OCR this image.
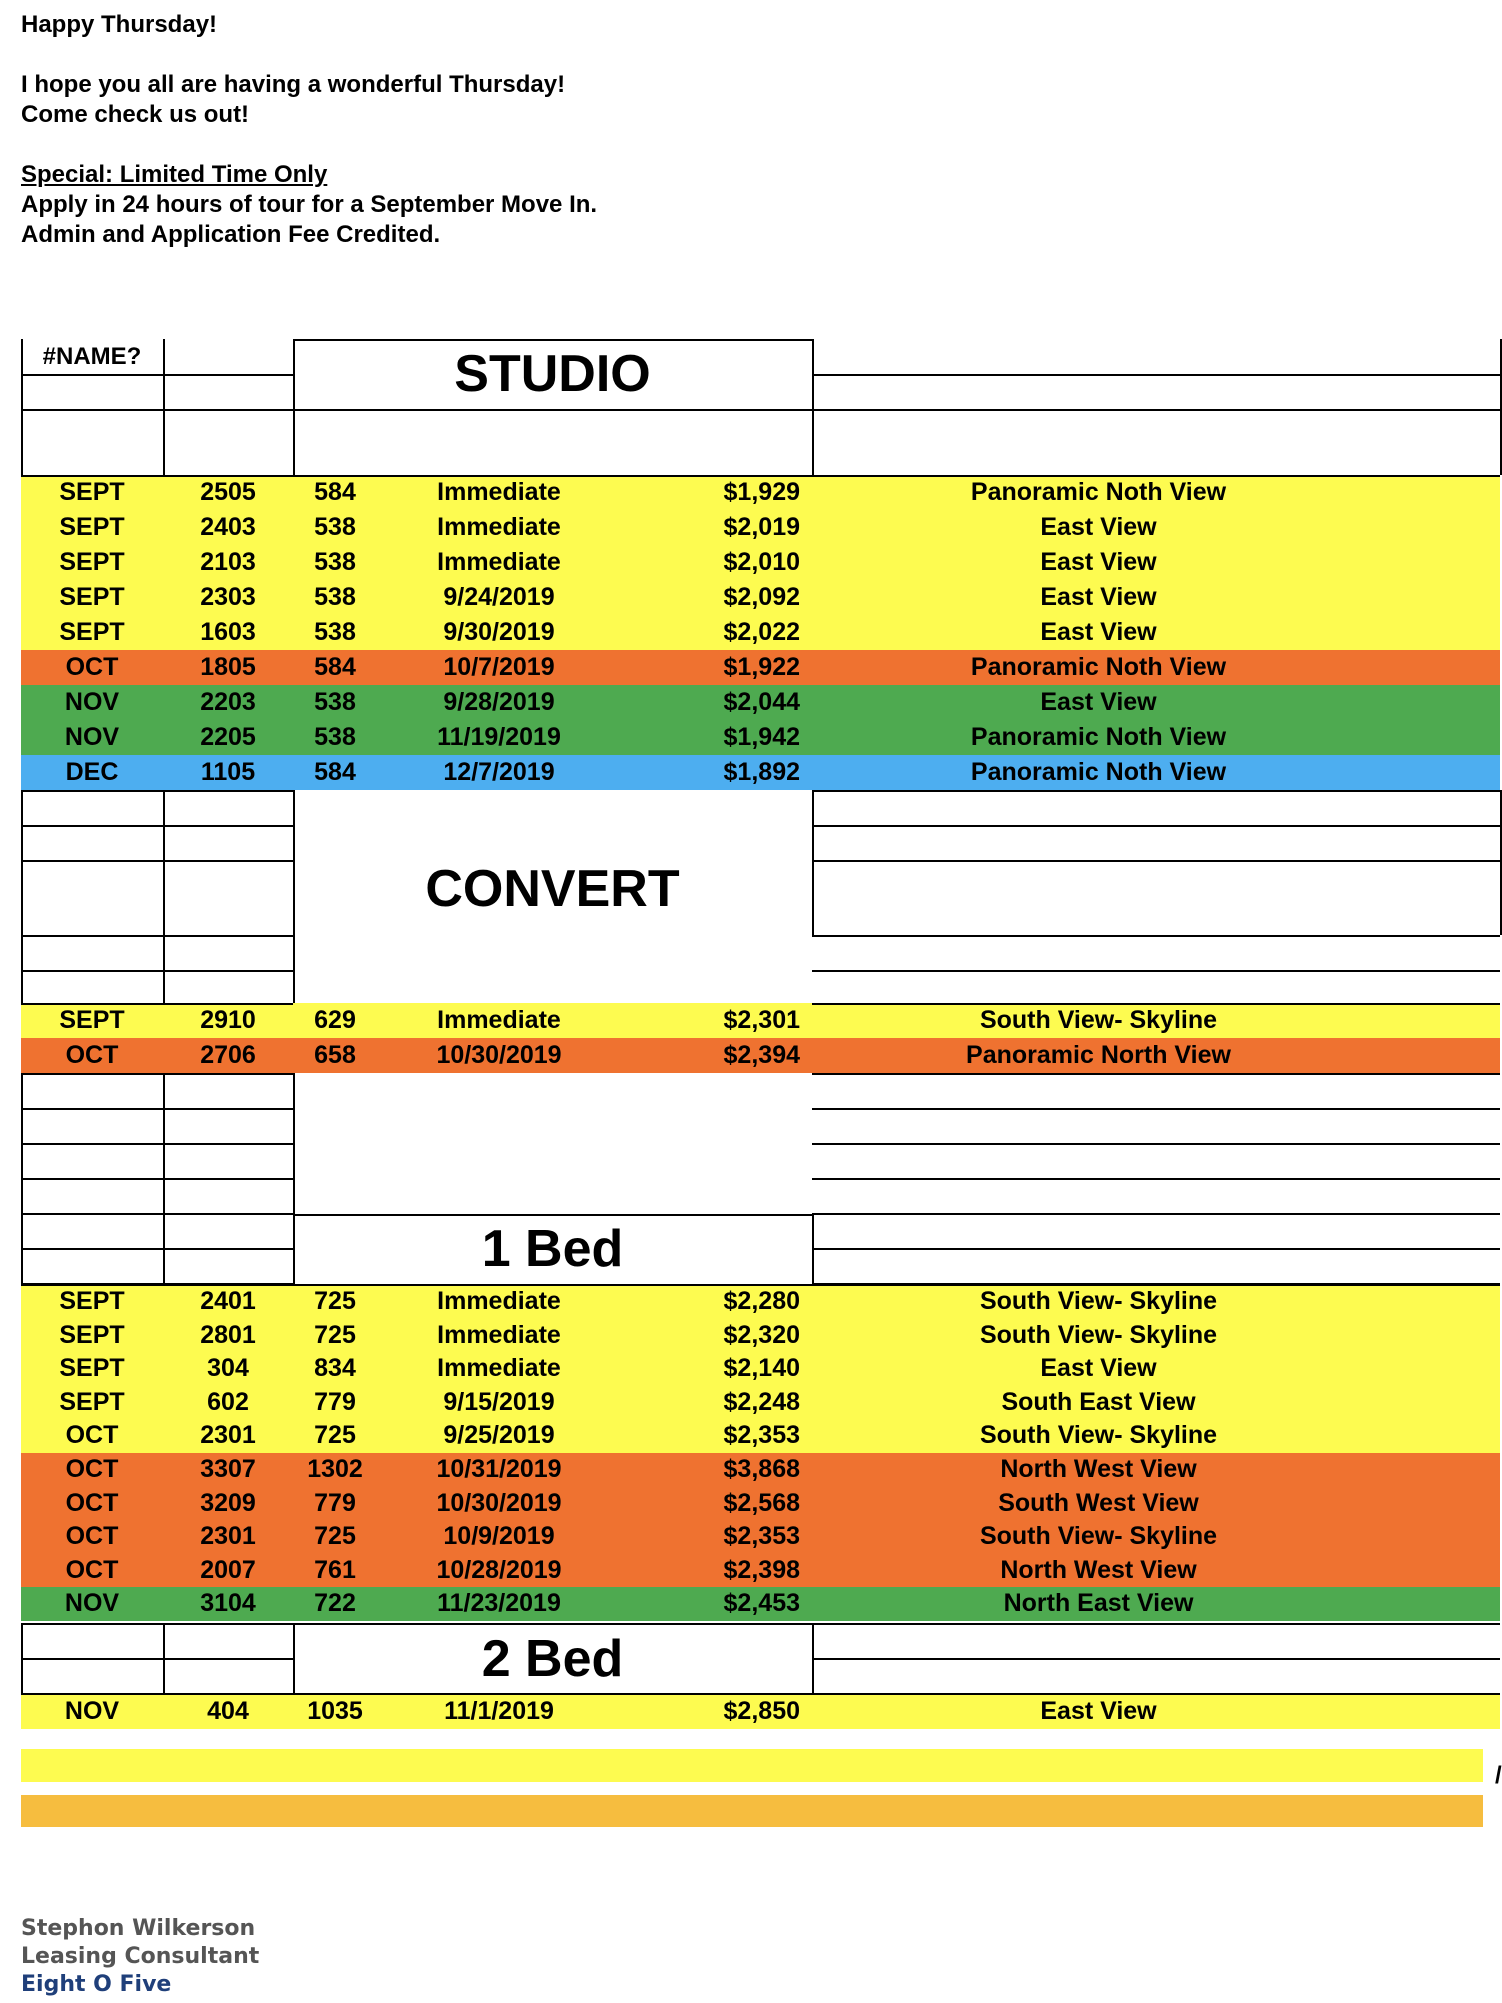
Happy Thursday!
I hope you all are having a wonderful Thursday!
Come check us out!
Special: Limited Time Only
Apply in 24 hours of tour for a September Move In.
Admin and Application Fee Credited.
STUDIO
#NAME?
CONVERT
1 Bed
2 Bed
/
SEPT	2505	584	Immediate	$1,929	Panoramic Noth View
SEPT	2403	538	Immediate	$2,019	East View
SEPT	2103	538	Immediate	$2,010	East View
SEPT	2303	538	9/24/2019	$2,092	East View
SEPT	1603	538	9/30/2019	$2,022	East View
OCT	1805	584	10/7/2019	$1,922	Panoramic Noth View
NOV	2203	538	9/28/2019	$2,044	East View
NOV	2205	538	11/19/2019	$1,942	Panoramic Noth View
DEC	1105	584	12/7/2019	$1,892	Panoramic Noth View
SEPT	2910	629	Immediate	$2,301	South View- Skyline
OCT	2706	658	10/30/2019	$2,394	Panoramic North View
SEPT	2401	725	Immediate	$2,280	South View- Skyline
SEPT	2801	725	Immediate	$2,320	South View- Skyline
SEPT	304	834	Immediate	$2,140	East View
SEPT	602	779	9/15/2019	$2,248	South East View
OCT	2301	725	9/25/2019	$2,353	South View- Skyline
OCT	3307	1302	10/31/2019	$3,868	North West View
OCT	3209	779	10/30/2019	$2,568	South West View
OCT	2301	725	10/9/2019	$2,353	South View- Skyline
OCT	2007	761	10/28/2019	$2,398	North West View
NOV	3104	722	11/23/2019	$2,453	North East View
NOV	404	1035	11/1/2019	$2,850	East View
Stephon Wilkerson
Leasing Consultant
Eight O Five
